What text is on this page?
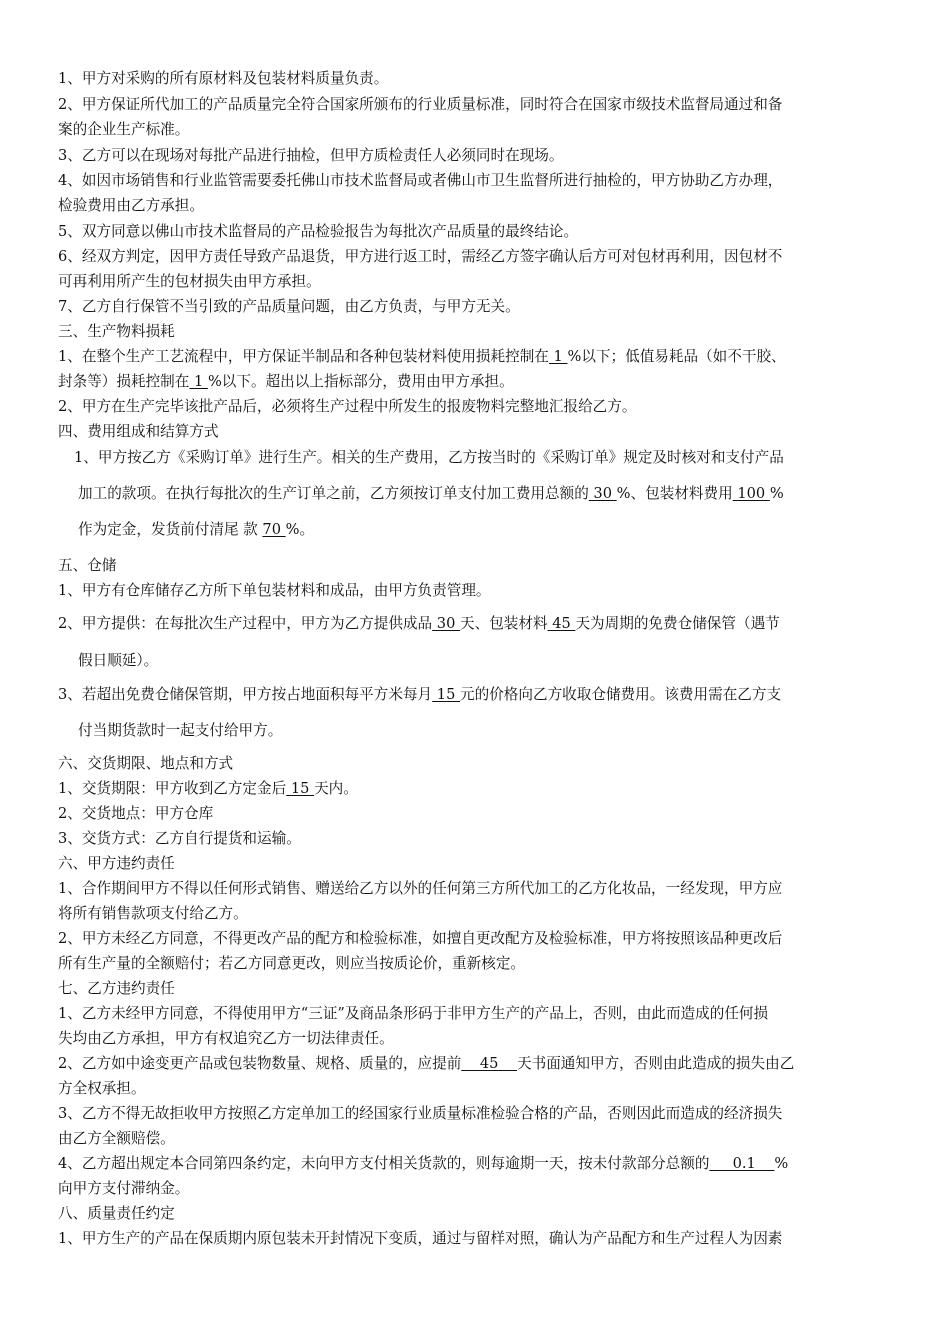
1、甲方对采购的所有原材料及包装材料质量负责。
2、甲方保证所代加工的产品质量完全符合国家所颁布的行业质量标准，同时符合在国家市级技术监督局通过和备
案的企业生产标准。
3、乙方可以在现场对每批产品进行抽检，但甲方质检责任人必须同时在现场。
4、如因市场销售和行业监管需要委托佛山市技术监督局或者佛山市卫生监督所进行抽检的，甲方协助乙方办理，
检验费用由乙方承担。
5、双方同意以佛山市技术监督局的产品检验报告为每批次产品质量的最终结论。
6、经双方判定，因甲方责任导致产品退货，甲方进行返工时，需经乙方签字确认后方可对包材再利用，因包材不
可再利用所产生的包材损失由甲方承担。
7、乙方自行保管不当引致的产品质量问题，由乙方负责，与甲方无关。
三、生产物料损耗
1、在整个生产工艺流程中，甲方保证半制品和各种包装材料使用损耗控制在 1 %以下；低值易耗品（如不干胶、
封条等）损耗控制在 1 %以下。超出以上指标部分，费用由甲方承担。
2、甲方在生产完毕该批产品后，必须将生产过程中所发生的报废物料完整地汇报给乙方。
四、费用组成和结算方式
1、甲方按乙方《采购订单》进行生产。相关的生产费用，乙方按当时的《采购订单》规定及时核对和支付产品
加工的款项。在执行每批次的生产订单之前，乙方须按订单支付加工费用总额的 30 %、包装材料费用 100 %
作为定金，发货前付清尾 款 70 %。
五、仓储
1、甲方有仓库储存乙方所下单包装材料和成品，由甲方负责管理。
2、甲方提供：在每批次生产过程中，甲方为乙方提供成品 30 天、包装材料 45 天为周期的免费仓储保管（遇节
假日顺延）。
3、若超出免费仓储保管期，甲方按占地面积每平方米每月 15 元的价格向乙方收取仓储费用。该费用需在乙方支
付当期货款时一起支付给甲方。
六、交货期限、地点和方式
1、交货期限：甲方收到乙方定金后 15 天内。
2、交货地点：甲方仓库
3、交货方式：乙方自行提货和运输。
六、甲方违约责任
1、合作期间甲方不得以任何形式销售、赠送给乙方以外的任何第三方所代加工的乙方化妆品，一经发现，甲方应
将所有销售款项支付给乙方。
2、甲方未经乙方同意，不得更改产品的配方和检验标准，如擅自更改配方及检验标准，甲方将按照该品种更改后
所有生产量的全额赔付；若乙方同意更改，则应当按质论价，重新核定。
七、乙方违约责任
1、乙方未经甲方同意，不得使用甲方“三证”及商品条形码于非甲方生产的产品上，否则，由此而造成的任何损
失均由乙方承担，甲方有权追究乙方一切法律责任。
2、乙方如中途变更产品或包装物数量、规格、质量的，应提前    45    天书面通知甲方，否则由此造成的损失由乙
方全权承担。
3、乙方不得无故拒收甲方按照乙方定单加工的经国家行业质量标准检验合格的产品，否则因此而造成的经济损失
由乙方全额赔偿。
4、乙方超出规定本合同第四条约定，未向甲方支付相关货款的，则每逾期一天，按未付款部分总额的     0.1    %
向甲方支付滞纳金。
八、质量责任约定
1、甲方生产的产品在保质期内原包装未开封情况下变质，通过与留样对照，确认为产品配方和生产过程人为因素
